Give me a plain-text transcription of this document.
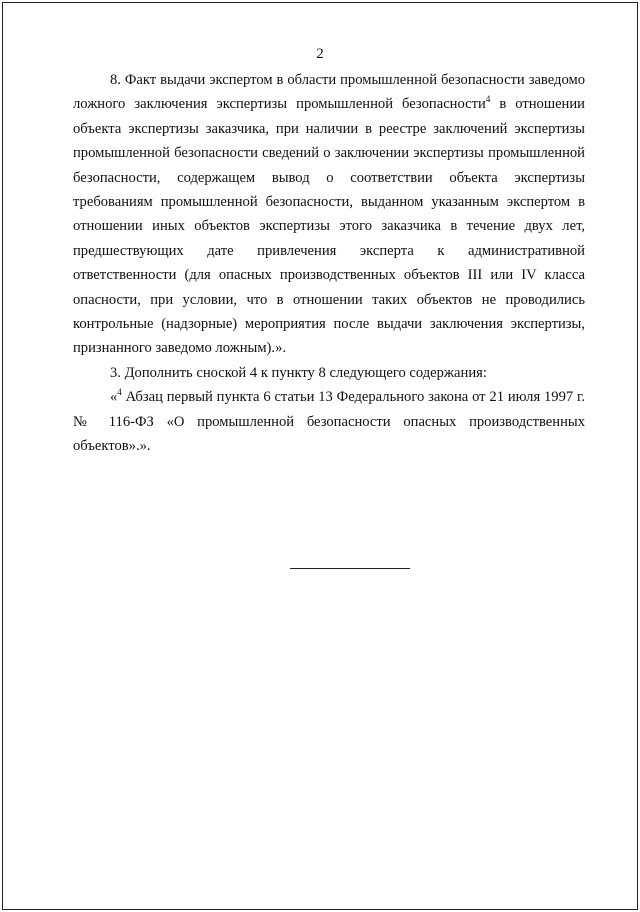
2

8. Факт выдачи экспертом в области промышленной безопасности заведомо ложного заключения экспертизы промышленной безопасности$^4$ в отношении объекта экспертизы заказчика, при наличии в реестре заключений экспертизы промышленной безопасности сведений о заключении экспертизы промышленной безопасности, содержащем вывод о соответствии объекта экспертизы требованиям промышленной безопасности, выданном указанным экспертом в отношении иных объектов экспертизы этого заказчика в течение двух лет, предшествующих дате привлечения эксперта к административной ответственности (для опасных производственных объектов III или IV класса опасности, при условии, что в отношении таких объектов не проводились контрольные (надзорные) мероприятия после выдачи заключения экспертизы, признанного заведомо ложным).».

3. Дополнить сноской 4 к пункту 8 следующего содержания:

«$^4$ Абзац первый пункта 6 статьи 13 Федерального закона от 21 июля 1997 г. № 116-ФЗ «О промышленной безопасности опасных производственных объектов».».
